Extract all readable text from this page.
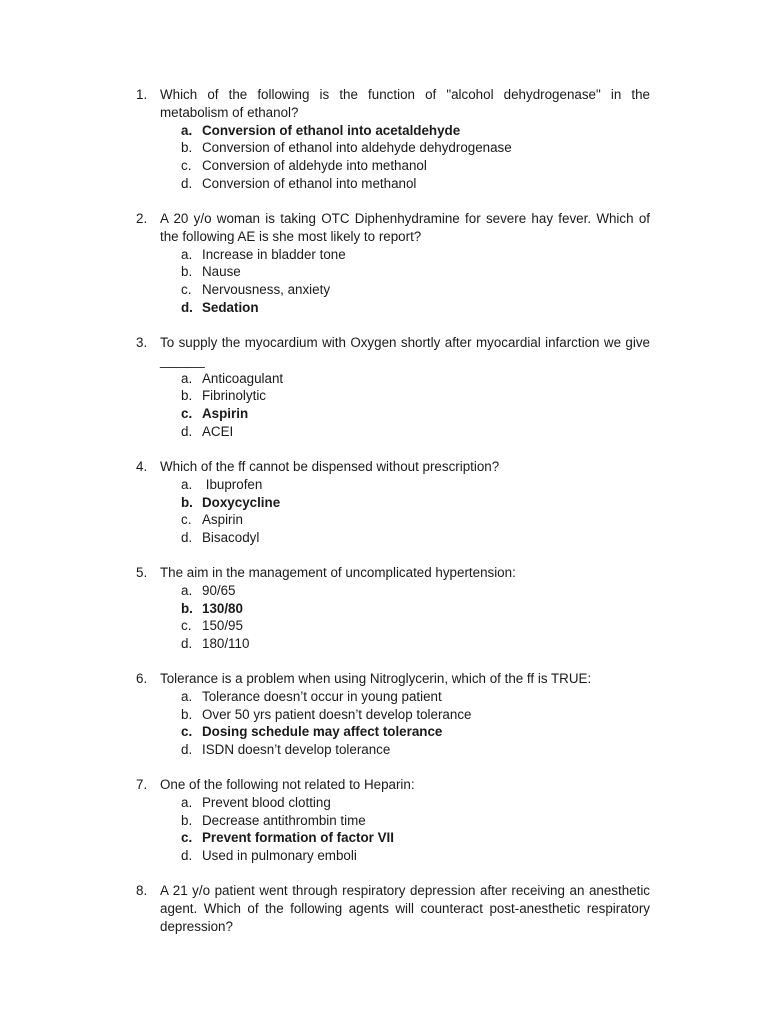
1. Which of the following is the function of "alcohol dehydrogenase" in the metabolism of ethanol?
a. Conversion of ethanol into acetaldehyde
b. Conversion of ethanol into aldehyde dehydrogenase
c. Conversion of aldehyde into methanol
d. Conversion of ethanol into methanol
2. A 20 y/o woman is taking OTC Diphenhydramine for severe hay fever. Which of the following AE is she most likely to report?
a. Increase in bladder tone
b. Nause
c. Nervousness, anxiety
d. Sedation
3. To supply the myocardium with Oxygen shortly after myocardial infarction we give ______
a. Anticoagulant
b. Fibrinolytic
c. Aspirin
d. ACEI
4. Which of the ff cannot be dispensed without prescription?
a. Ibuprofen
b. Doxycycline
c. Aspirin
d. Bisacodyl
5. The aim in the management of uncomplicated hypertension:
a. 90/65
b. 130/80
c. 150/95
d. 180/110
6. Tolerance is a problem when using Nitroglycerin, which of the ff is TRUE:
a. Tolerance doesn’t occur in young patient
b. Over 50 yrs patient doesn’t develop tolerance
c. Dosing schedule may affect tolerance
d. ISDN doesn’t develop tolerance
7. One of the following not related to Heparin:
a. Prevent blood clotting
b. Decrease antithrombin time
c. Prevent formation of factor VII
d. Used in pulmonary emboli
8. A 21 y/o patient went through respiratory depression after receiving an anesthetic agent. Which of the following agents will counteract post-anesthetic respiratory depression?
